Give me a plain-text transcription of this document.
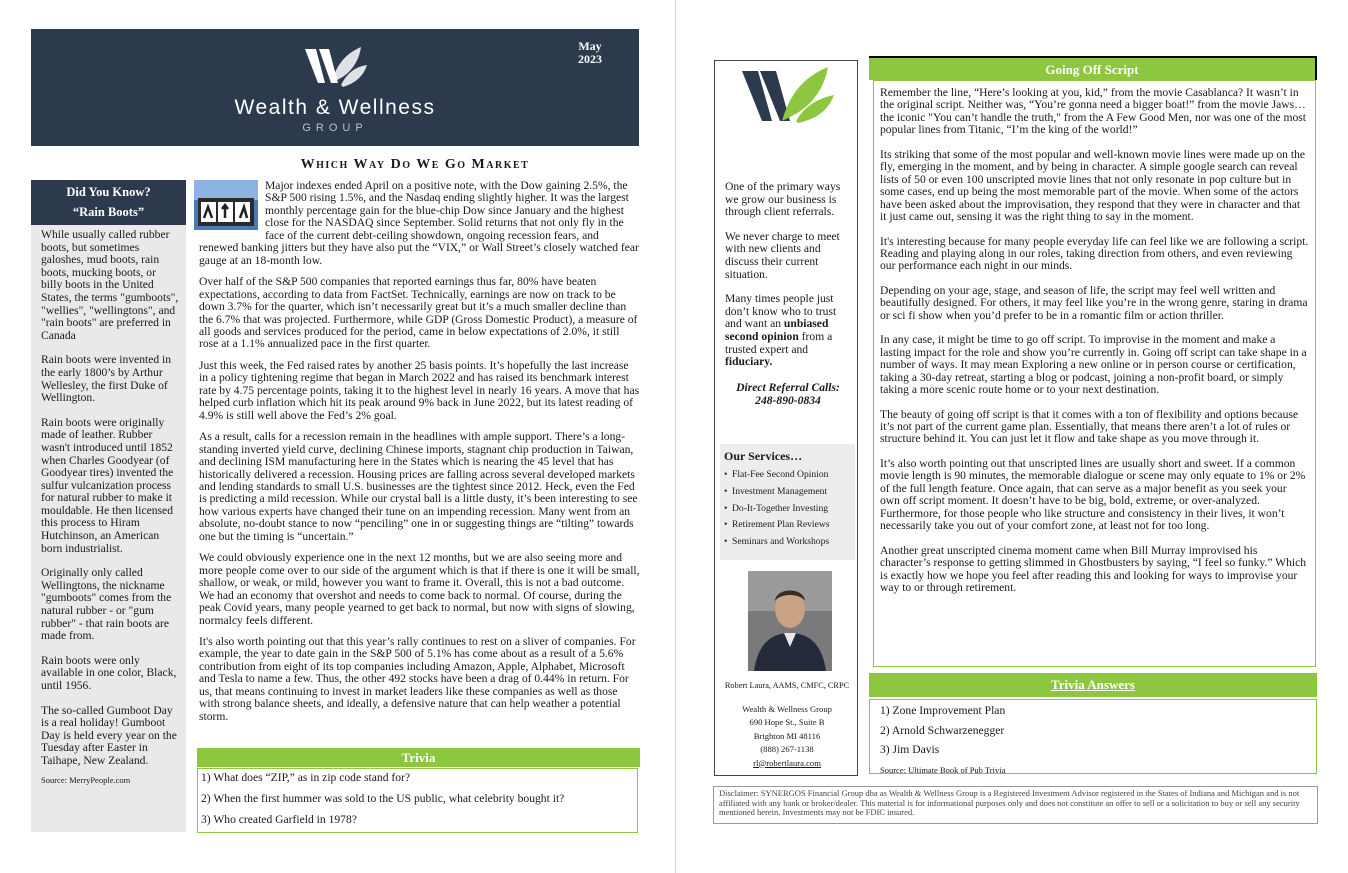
Wealth & Wellness
GROUP
May
2023
Which Way Do We Go Market
Did You Know?
“Rain Boots”

While usually called rubber boots, but sometimes galoshes, mud boots, rain boots, mucking boots, or billy boots in the United States, the terms "gumboots", "wellies", "wellingtons", and "rain boots" are preferred in Canada

Rain boots were invented in the early 1800’s by Arthur Wellesley, the first Duke of Wellington.

Rain boots were originally made of leather. Rubber wasn't introduced until 1852 when Charles Goodyear (of Goodyear tires) invented the sulfur vulcanization process for natural rubber to make it mouldable. He then licensed this process to Hiram Hutchinson, an American born industrialist.

Originally only called Wellingtons, the nickname "gumboots" comes from the natural rubber - or "gum rubber" - that rain boots are made from.

Rain boots were only available in one color, Black, until 1956.

The so-called Gumboot Day is a real holiday! Gumboot Day is held every year on the Tuesday after Easter in Taihape, New Zealand.

Source: MerryPeople.com

Major indexes ended April on a positive note, with the Dow gaining 2.5%, the S&P 500 rising 1.5%, and the Nasdaq ending slightly higher. It was the largest monthly percentage gain for the blue-chip Dow since January and the highest close for the NASDAQ since September. Solid returns that not only fly in the face of the current debt-ceiling showdown, ongoing recession fears, and renewed banking jitters but they have also put the “VIX,” or Wall Street’s closely watched fear gauge at an 18-month low.

Over half of the S&P 500 companies that reported earnings thus far, 80% have beaten expectations, according to data from FactSet. Technically, earnings are now on track to be down 3.7% for the quarter, which isn’t necessarily great but it’s a much smaller decline than the 6.7% that was projected. Furthermore, while GDP (Gross Domestic Product), a measure of all goods and services produced for the period, came in below expectations of 2.0%, it still rose at a 1.1% annualized pace in the first quarter.

Just this week, the Fed raised rates by another 25 basis points. It’s hopefully the last increase in a policy tightening regime that began in March 2022 and has raised its benchmark interest rate by 4.75 percentage points, taking it to the highest level in nearly 16 years. A move that has helped curb inflation which hit its peak around 9% back in June 2022, but its latest reading of 4.9% is still well above the Fed’s 2% goal.

As a result, calls for a recession remain in the headlines with ample support. There’s a long-standing inverted yield curve, declining Chinese imports, stagnant chip production in Taiwan, and declining ISM manufacturing here in the States which is nearing the 45 level that has historically delivered a recession. Housing prices are falling across several developed markets and lending standards to small U.S. businesses are the tightest since 2012. Heck, even the Fed is predicting a mild recession. While our crystal ball is a little dusty, it’s been interesting to see how various experts have changed their tune on an impending recession. Many went from an absolute, no-doubt stance to now “penciling” one in or suggesting things are “tilting” towards one but the timing is “uncertain.”

We could obviously experience one in the next 12 months, but we are also seeing more and more people come over to our side of the argument which is that if there is one it will be small, shallow, or weak, or mild, however you want to frame it. Overall, this is not a bad outcome. We had an economy that overshot and needs to come back to normal. Of course, during the peak Covid years, many people yearned to get back to normal, but now with signs of slowing, normalcy feels different.

It's also worth pointing out that this year’s rally continues to rest on a sliver of companies. For example, the year to date gain in the S&P 500 of 5.1% has come about as a result of a 5.6% contribution from eight of its top companies including Amazon, Apple, Alphabet, Microsoft and Tesla to name a few. Thus, the other 492 stocks have been a drag of 0.44% in return. For us, that means continuing to invest in market leaders like these companies as well as those with strong balance sheets, and ideally, a defensive nature that can help weather a potential storm.

Trivia
1) What does “ZIP,” as in zip code stand for?
2) When the first hummer was sold to the US public, what celebrity bought it?
3) Who created Garfield in 1978?

One of the primary ways we grow our business is through client referrals.

We never charge to meet with new clients and discuss their current situation.

Many times people just don’t know who to trust and want an unbiased second opinion from a trusted expert and fiduciary.

Direct Referral Calls:
248-890-0834
Our Services…
• Flat-Fee Second Opinion
• Investment Management
• Do-It-Together Investing
• Retirement Plan Reviews
• Seminars and Workshops
Robert Laura, AAMS, CMFC, CRPC
Wealth & Wellness Group
690 Hope St., Suite B
Brighton MI 48116
(888) 267-1138
rl@robertlaura.com
Going Off Script

Remember the line, “Here’s looking at you, kid,” from the movie Casablanca? It wasn’t in the original script. Neither was, “You’re gonna need a bigger boat!” from the movie Jaws… the iconic "You can’t handle the truth," from the A Few Good Men, nor was one of the most popular lines from Titanic, “I’m the king of the world!”

Its striking that some of the most popular and well-known movie lines were made up on the fly, emerging in the moment, and by being in character. A simple google search can reveal lists of 50 or even 100 unscripted movie lines that not only resonate in pop culture but in some cases, end up being the most memorable part of the movie. When some of the actors have been asked about the improvisation, they respond that they were in character and that it just came out, sensing it was the right thing to say in the moment.

It's interesting because for many people everyday life can feel like we are following a script. Reading and playing along in our roles, taking direction from others, and even reviewing our performance each night in our minds.

Depending on your age, stage, and season of life, the script may feel well written and beautifully designed. For others, it may feel like you’re in the wrong genre, staring in drama or sci fi show when you’d prefer to be in a romantic film or action thriller.

In any case, it might be time to go off script. To improvise in the moment and make a lasting impact for the role and show you’re currently in. Going off script can take shape in a number of ways. It may mean Exploring a new online or in person course or certification, taking a 30-day retreat, starting a blog or podcast, joining a non-profit board, or simply taking a more scenic route home or to your next destination.

The beauty of going off script is that it comes with a ton of flexibility and options because it’s not part of the current game plan. Essentially, that means there aren’t a lot of rules or structure behind it. You can just let it flow and take shape as you move through it.

It’s also worth pointing out that unscripted lines are usually short and sweet. If a common movie length is 90 minutes, the memorable dialogue or scene may only equate to 1% or 2% of the full length feature. Once again, that can serve as a major benefit as you seek your own off script moment. It doesn’t have to be big, bold, extreme, or over-analyzed. Furthermore, for those people who like structure and consistency in their lives, it won’t necessarily take you out of your comfort zone, at least not for too long.

Another great unscripted cinema moment came when Bill Murray improvised his character’s response to getting slimmed in Ghostbusters by saying, “I feel so funky.” Which is exactly how we hope you feel after reading this and looking for ways to improvise your way to or through retirement.

Trivia Answers
1) Zone Improvement Plan
2) Arnold Schwarzenegger
3) Jim Davis
Source: Ultimate Book of Pub Trivia
Disclaimer: SYNERGOS Financial Group dba as Wealth & Wellness Group is a Registered Investment Advisor registered in the States of Indiana and Michigan and is not affiliated with any bank or broker/dealer. This material is for informational purposes only and does not constitute an offer to sell or a solicitation to buy or sell any security mentioned herein. Investments may not be FDIC insured.
